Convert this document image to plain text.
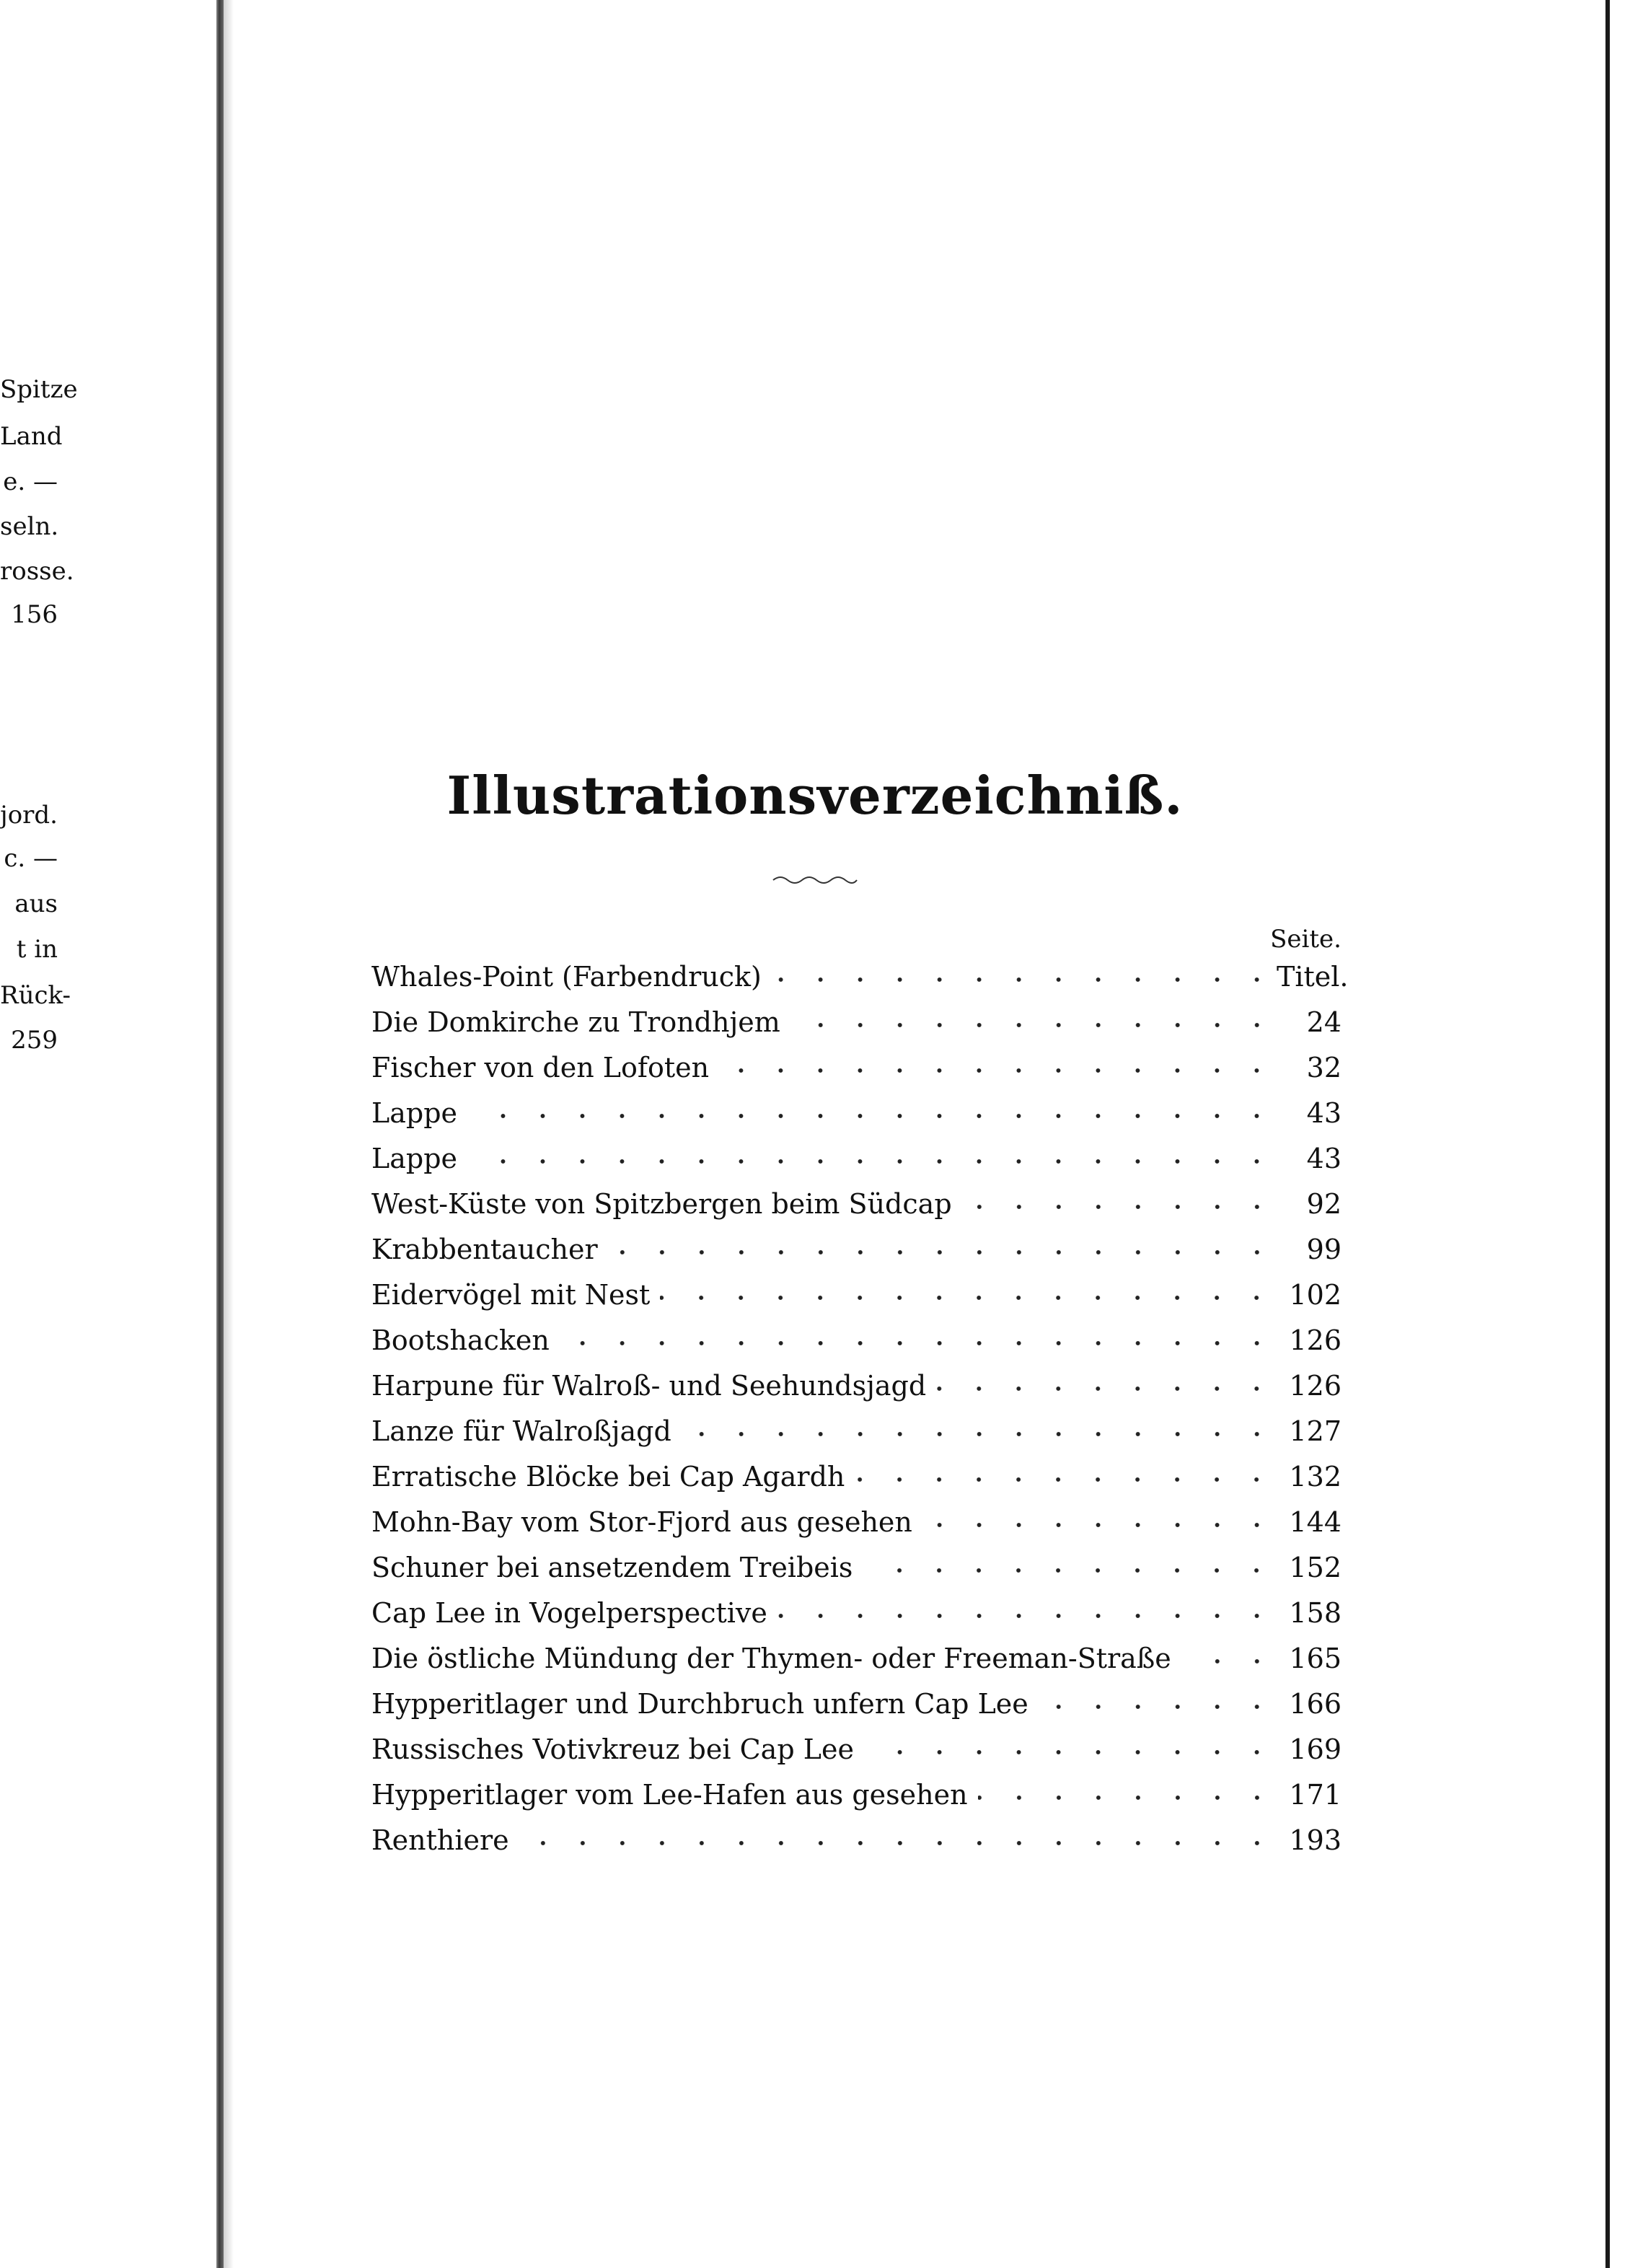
Spitze
Land
e. —
seln.
rosse.
156
jord.
c. —
aus
t in
Rück-
259
Illustrationsverzeichniß.
Seite.
Whales-Point (Farbendruck)	Titel.
Die Domkirche zu Trondhjem	24
Fischer von den Lofoten	32
Lappe	43
Lappe	43
West-Küste von Spitzbergen beim Südcap	92
Krabbentaucher	99
Eidervögel mit Nest	102
Bootshacken	126
Harpune für Walroß- und Seehundsjagd	126
Lanze für Walroßjagd	127
Erratische Blöcke bei Cap Agardh	132
Mohn-Bay vom Stor-Fjord aus gesehen	144
Schuner bei ansetzendem Treibeis	152
Cap Lee in Vogelperspective	158
Die östliche Mündung der Thymen- oder Freeman-Straße	165
Hypperitlager und Durchbruch unfern Cap Lee	166
Russisches Votivkreuz bei Cap Lee	169
Hypperitlager vom Lee-Hafen aus gesehen	171
Renthiere	193
